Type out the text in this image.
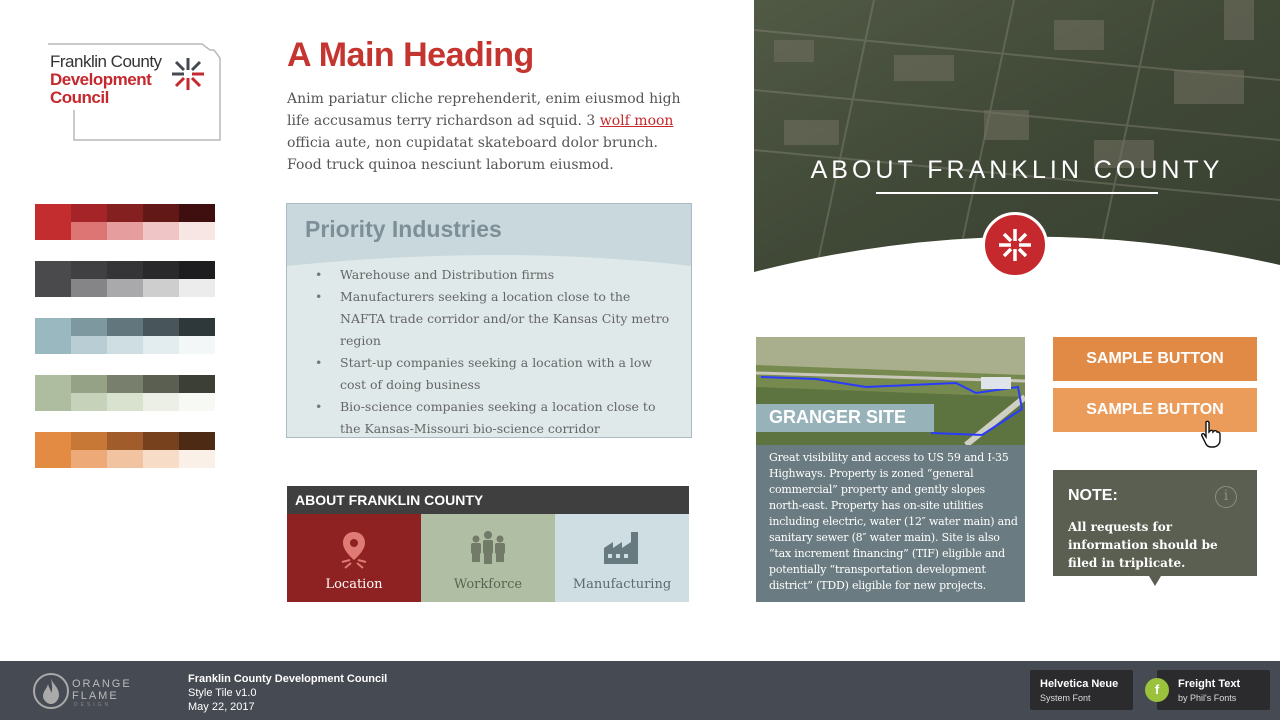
Franklin County
Development
Council
A Main Heading

Anim pariatur cliche reprehenderit, enim eiusmod high life accusamus terry richardson ad squid. 3 wolf moon officia aute, non cupidatat skateboard dolor brunch. Food truck quinoa nesciunt laborum eiusmod.

Priority Industries
• Warehouse and Distribution firms
• Manufacturers seeking a location close to the NAFTA trade corridor and/or the Kansas City metro region
• Start-up companies seeking a location with a low cost of doing business
• Bio-science companies seeking a location close to the Kansas-Missouri bio-science corridor
ABOUT FRANKLIN COUNTY
Location	Workforce	Manufacturing
ABOUT FRANKLIN COUNTY
GRANGER SITE

Great visibility and access to US 59 and I-35 Highways. Property is zoned “general commercial” property and gently slopes north-east. Property has on-site utilities including electric, water (12″ water main) and sanitary sewer (8″ water main). Site is also “tax increment financing” (TIF) eligible and potentially “transportation development district” (TDD) eligible for new projects.

SAMPLE BUTTON
SAMPLE BUTTON
NOTE:	i

All requests for information should be filed in triplicate.

ORANGE
FLAME
DESIGN
Franklin County Development Council
Style Tile v1.0
May 22, 2017
Helvetica Neue
System Font
f	Freight Text
by Phil's Fonts
